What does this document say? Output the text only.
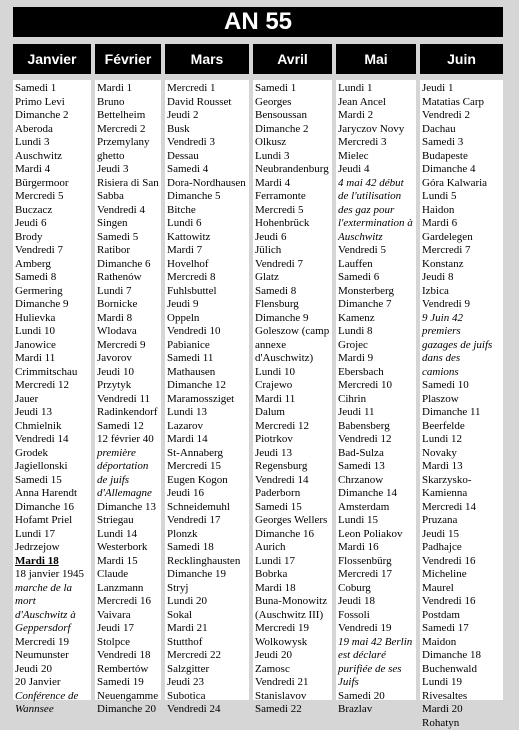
AN 55
Janvier
Samedi 1
Primo Levi
Dimanche 2
Aberoda
Lundi 3
Auschwitz
Mardi 4
Bürgermoor
Mercredi 5
Buczacz
Jeudi 6
Brody
Vendredi 7
Amberg
Samedi 8
Germering
Dimanche 9
Hulievka
Lundi 10
Janowice
Mardi 11
Crimmitschau
Mercredi 12
Jauer
Jeudi 13
Chmielnik
Vendredi 14
Grodek
Jagiellonski
Samedi 15
Anna Harendt
Dimanche 16
Hofamt Priel
Lundi 17
Jedrzejow
Mardi 18
18 janvier 1945
marche de la
mort
d'Auschwitz à
Geppersdorf
Mercredi 19
Neumunster
Jeudi 20
20 Janvier
Conférence de
Wannsee
Février
Mardi 1
Bruno
Bettelheim
Mercredi 2
Przemylany
ghetto
Jeudi 3
Risiera di San
Sabba
Vendredi 4
Singen
Samedi 5
Ratibor
Dimanche 6
Rathenów
Lundi 7
Bornicke
Mardi 8
Wlodava
Mercredi 9
Javorov
Jeudi 10
Przytyk
Vendredi 11
Radinkendorf
Samedi 12
12 février 40
première
déportation
de juifs
d'Allemagne
Dimanche 13
Striegau
Lundi 14
Westerbork
Mardi 15
Claude
Lanzmann
Mercredi 16
Vaivara
Jeudi 17
Stolpce
Vendredi 18
Rembertów
Samedi 19
Neuengamme
Dimanche 20
Mars
Mercredi 1
David Rousset
Jeudi 2
Busk
Vendredi 3
Dessau
Samedi 4
Dora-Nordhausen
Dimanche 5
Bitche
Lundi 6
Kattowitz
Mardi 7
Hovelhof
Mercredi 8
Fuhlsbuttel
Jeudi 9
Oppeln
Vendredi 10
Pabianice
Samedi 11
Mathausen
Dimanche 12
Maramossziget
Lundi 13
Lazarov
Mardi 14
St-Annaberg
Mercredi 15
Eugen Kogon
Jeudi 16
Schneidemuhl
Vendredi 17
Plonzk
Samedi 18
Recklinghausten
Dimanche 19
Stryj
Lundi 20
Sokal
Mardi 21
Stutthof
Mercredi 22
Salzgitter
Jeudi 23
Subotica
Vendredi 24
Avril
Samedi 1
Georges
Bensoussan
Dimanche 2
Olkusz
Lundi 3
Neubrandenburg
Mardi 4
Ferramonte
Mercredi 5
Hohenbrück
Jeudi 6
Jülich
Vendredi 7
Glatz
Samedi 8
Flensburg
Dimanche 9
Goleszow (camp
annexe
d'Auschwitz)
Lundi 10
Crajewo
Mardi 11
Dalum
Mercredi 12
Piotrkov
Jeudi 13
Regensburg
Vendredi 14
Paderborn
Samedi 15
Georges Wellers
Dimanche 16
Aurich
Lundi 17
Bobrka
Mardi 18
Buna-Monowitz
(Auschwitz III)
Mercredi 19
Wolkowysk
Jeudi 20
Zamosc
Vendredi 21
Stanislavov
Samedi 22
Mai
Lundi 1
Jean Ancel
Mardi 2
Jaryczov Novy
Mercredi 3
Mielec
Jeudi 4
4 mai 42 début
de l'utilisation
des gaz pour
l'extermination à
Auschwitz
Vendredi 5
Lauffen
Samedi 6
Monsterberg
Dimanche 7
Kamenz
Lundi 8
Grojec
Mardi 9
Ebersbach
Mercredi 10
Cihrin
Jeudi 11
Babensberg
Vendredi 12
Bad-Sulza
Samedi 13
Chrzanow
Dimanche 14
Amsterdam
Lundi 15
Leon Poliakov
Mardi 16
Flossenbürg
Mercredi 17
Coburg
Jeudi 18
Fossoli
Vendredi 19
19 mai 42 Berlin
est déclaré
purifiée de ses
Juifs
Samedi 20
Brazlav
Juin
Jeudi 1
Matatias Carp
Vendredi 2
Dachau
Samedi 3
Budapeste
Dimanche 4
Góra Kalwaria
Lundi 5
Haidon
Mardi 6
Gardelegen
Mercredi 7
Konstanz
Jeudi 8
Izbica
Vendredi 9
9 Juin 42
premiers
gazages de juifs
dans des
camions
Samedi 10
Plaszow
Dimanche 11
Beerfelde
Lundi 12
Novaky
Mardi 13
Skarzysko-
Kamienna
Mercredi 14
Pruzana
Jeudi 15
Padhajce
Vendredi 16
Micheline
Maurel
Vendredi 16
Postdam
Samedi 17
Maidon
Dimanche 18
Buchenwald
Lundi 19
Rivesaltes
Mardi 20
Rohatyn
